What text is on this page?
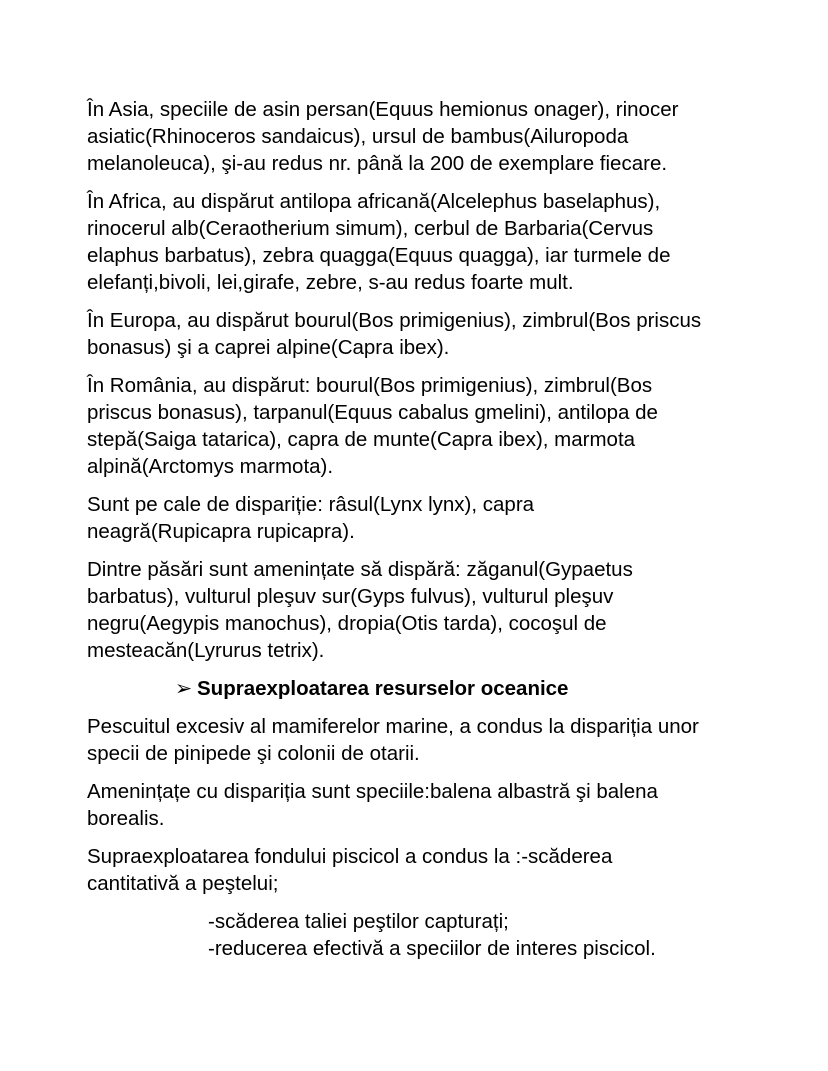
În Asia, speciile de asin persan(Equus hemionus onager), rinocer
asiatic(Rhinoceros sandaicus), ursul de bambus(Ailuropoda
melanoleuca), şi-au redus nr. până la 200 de exemplare fiecare.

În Africa, au dispărut antilopa africană(Alcelephus baselaphus),
rinocerul alb(Ceraotherium simum), cerbul de Barbaria(Cervus
elaphus barbatus), zebra quagga(Equus quagga), iar turmele de
elefanți,bivoli, lei,girafe, zebre, s-au redus foarte mult.

În Europa, au dispărut bourul(Bos primigenius), zimbrul(Bos priscus
bonasus) şi a caprei alpine(Capra ibex).

În România, au dispărut: bourul(Bos primigenius), zimbrul(Bos
priscus bonasus), tarpanul(Equus cabalus gmelini), antilopa de
stepă(Saiga tatarica), capra de munte(Capra ibex), marmota
alpină(Arctomys marmota).

Sunt pe cale de dispariție: râsul(Lynx lynx), capra
neagră(Rupicapra rupicapra).

Dintre păsări sunt amenințate să dispără: zăganul(Gypaetus
barbatus), vulturul pleşuv sur(Gyps fulvus), vulturul pleşuv
negru(Aegypis manochus), dropia(Otis tarda), cocoşul de
mesteacăn(Lyrurus tetrix).

➢ Supraexploatarea resurselor oceanice

Pescuitul excesiv al mamiferelor marine, a condus la dispariția unor
specii de pinipede şi colonii de otarii.

Amenințațe cu dispariția sunt speciile:balena albastră şi balena
borealis.

Supraexploatarea fondului piscicol a condus la :-scăderea
cantitativă a peştelui;

-scăderea taliei peştilor capturați;
-reducerea efectivă a speciilor de interes piscicol.
